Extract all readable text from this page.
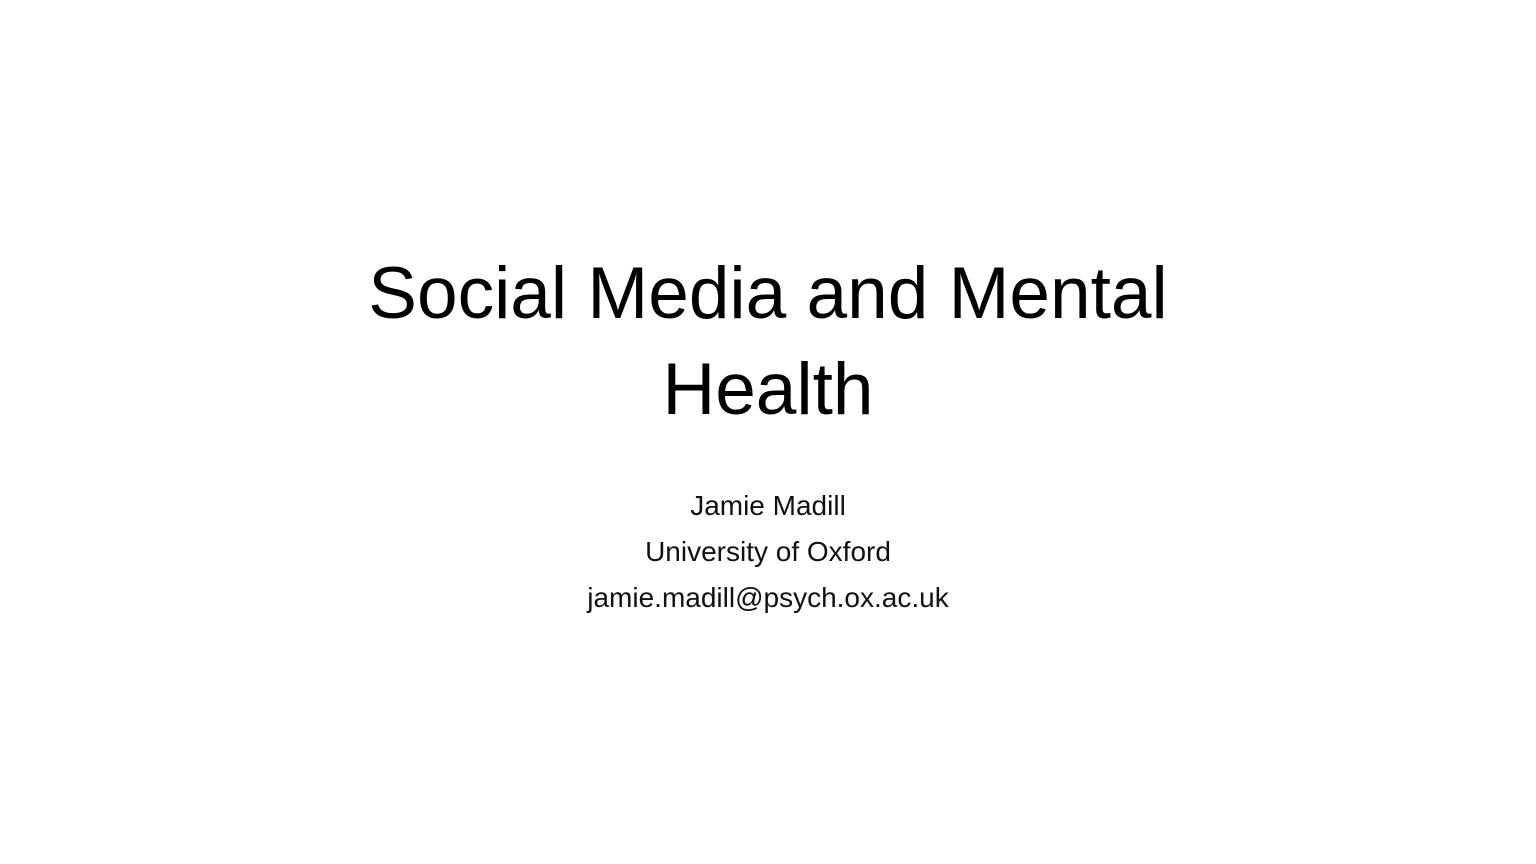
Social Media and Mental
Health
Jamie Madill
University of Oxford
jamie.madill@psych.ox.ac.uk
